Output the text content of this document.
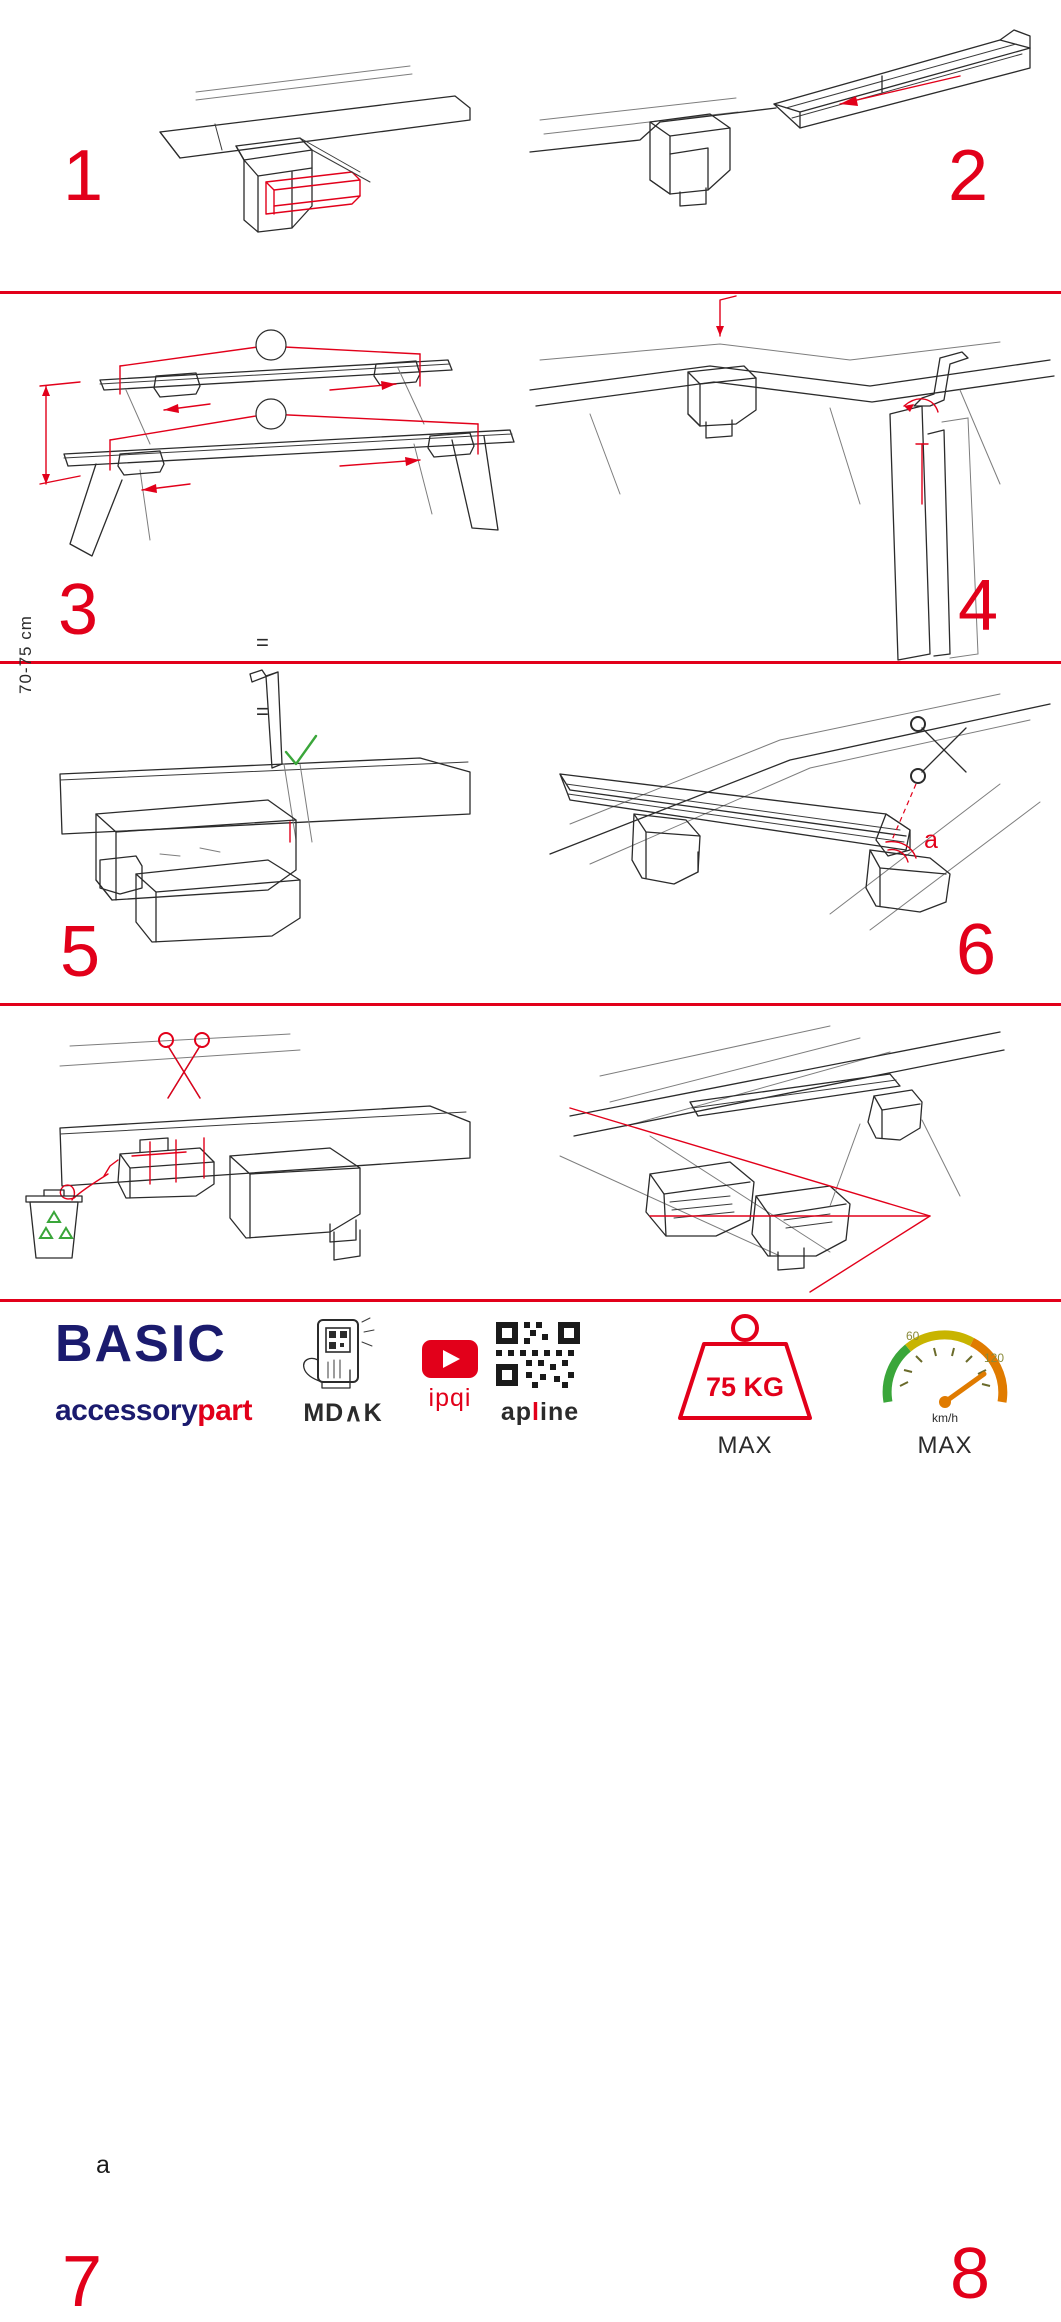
1	2
=
=
70-75 cm
3	4
5
a
6
a
7	8
BASIC
accessorypart	MD∧K
ipqi	apline
75 KG
MAX
60
120
km/h
MAX
